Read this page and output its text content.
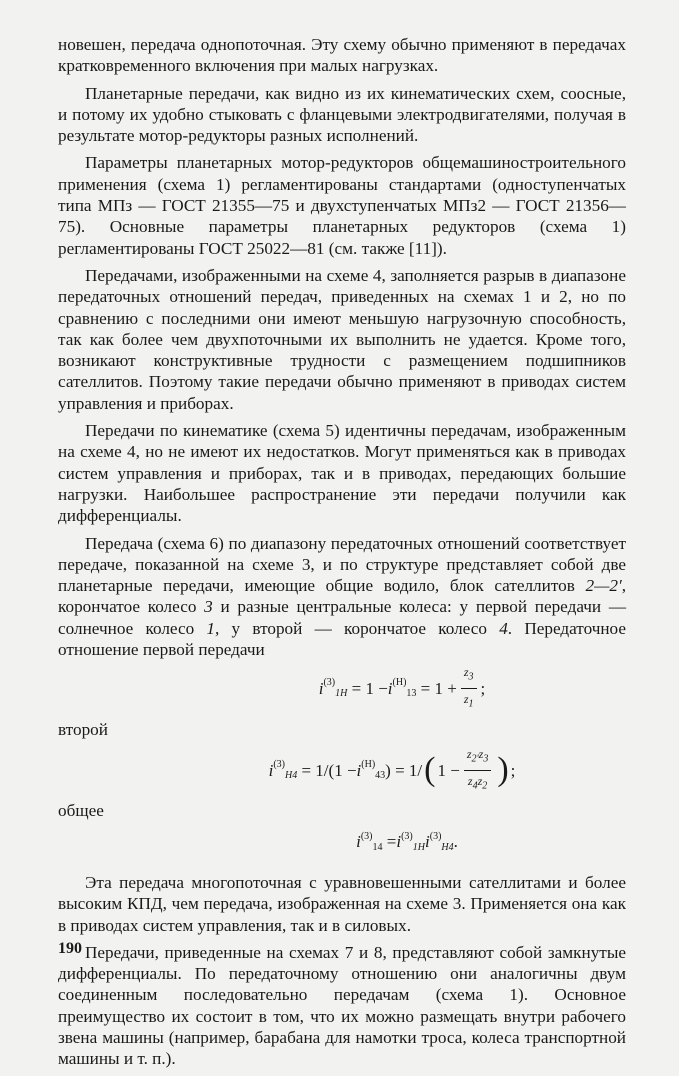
новешен, передача однопоточная. Эту схему обычно применяют в передачах кратковременного включения при малых нагрузках.

Планетарные передачи, как видно из их кинематических схем, соосные, и потому их удобно стыковать с фланцевыми электродвигателями, получая в результате мотор-редукторы разных исполнений.

Параметры планетарных мотор-редукторов общемашиностроительного применения (схема 1) регламентированы стандартами (одноступенчатых типа МПз — ГОСТ 21355—75 и двухступенчатых МПз2 — ГОСТ 21356—75). Основные параметры планетарных редукторов (схема 1) регламентированы ГОСТ 25022—81 (см. также [11]).

Передачами, изображенными на схеме 4, заполняется разрыв в диапазоне передаточных отношений передач, приведенных на схемах 1 и 2, но по сравнению с последними они имеют меньшую нагрузочную способность, так как более чем двухпоточными их выполнить не удается. Кроме того, возникают конструктивные трудности с размещением подшипников сателлитов. Поэтому такие передачи обычно применяют в приводах систем управления и приборах.

Передачи по кинематике (схема 5) идентичны передачам, изображенным на схеме 4, но не имеют их недостатков. Могут применяться как в приводах систем управления и приборах, так и в приводах, передающих большие нагрузки. Наибольшее распространение эти передачи получили как дифференциалы.

Передача (схема 6) по диапазону передаточных отношений соответствует передаче, показанной на схеме 3, и по структуре представляет собой две планетарные передачи, имеющие общие водило, блок сателлитов 2—2′, корончатое колесо 3 и разные центральные колеса: у первой передачи — солнечное колесо 1, у второй — корончатое колесо 4. Передаточное отношение первой передачи

i $^{(3)}_{1H}$ = 1 − i $^{(H)}_{13} = 1 + \frac{z_3}{z_1}$ ;
второй
i $^{(3)}_{H4}$ = 1/(1 − i $^{(H)}_{43}$ ) = 1/ ( $1 - \frac{z_{2'}z_3}{z_4z_2}$ ) ;
общее
i $^{(3)}_{14}$ = i $^{(3)}_{1H}$ i $^{(3)}_{H4}$ .

Эта передача многопоточная с уравновешенными сателлитами и более высоким КПД, чем передача, изображенная на схеме 3. Применяется она как в приводах систем управления, так и в силовых.

Передачи, приведенные на схемах 7 и 8, представляют собой замкнутые дифференциалы. По передаточному отношению они аналогичны двум соединенным последовательно передачам (схема 1). Основное преимущество их состоит в том, что их можно размещать внутри рабочего звена машины (например, барабана для намотки троса, колеса транспортной машины и т. п.).

190
